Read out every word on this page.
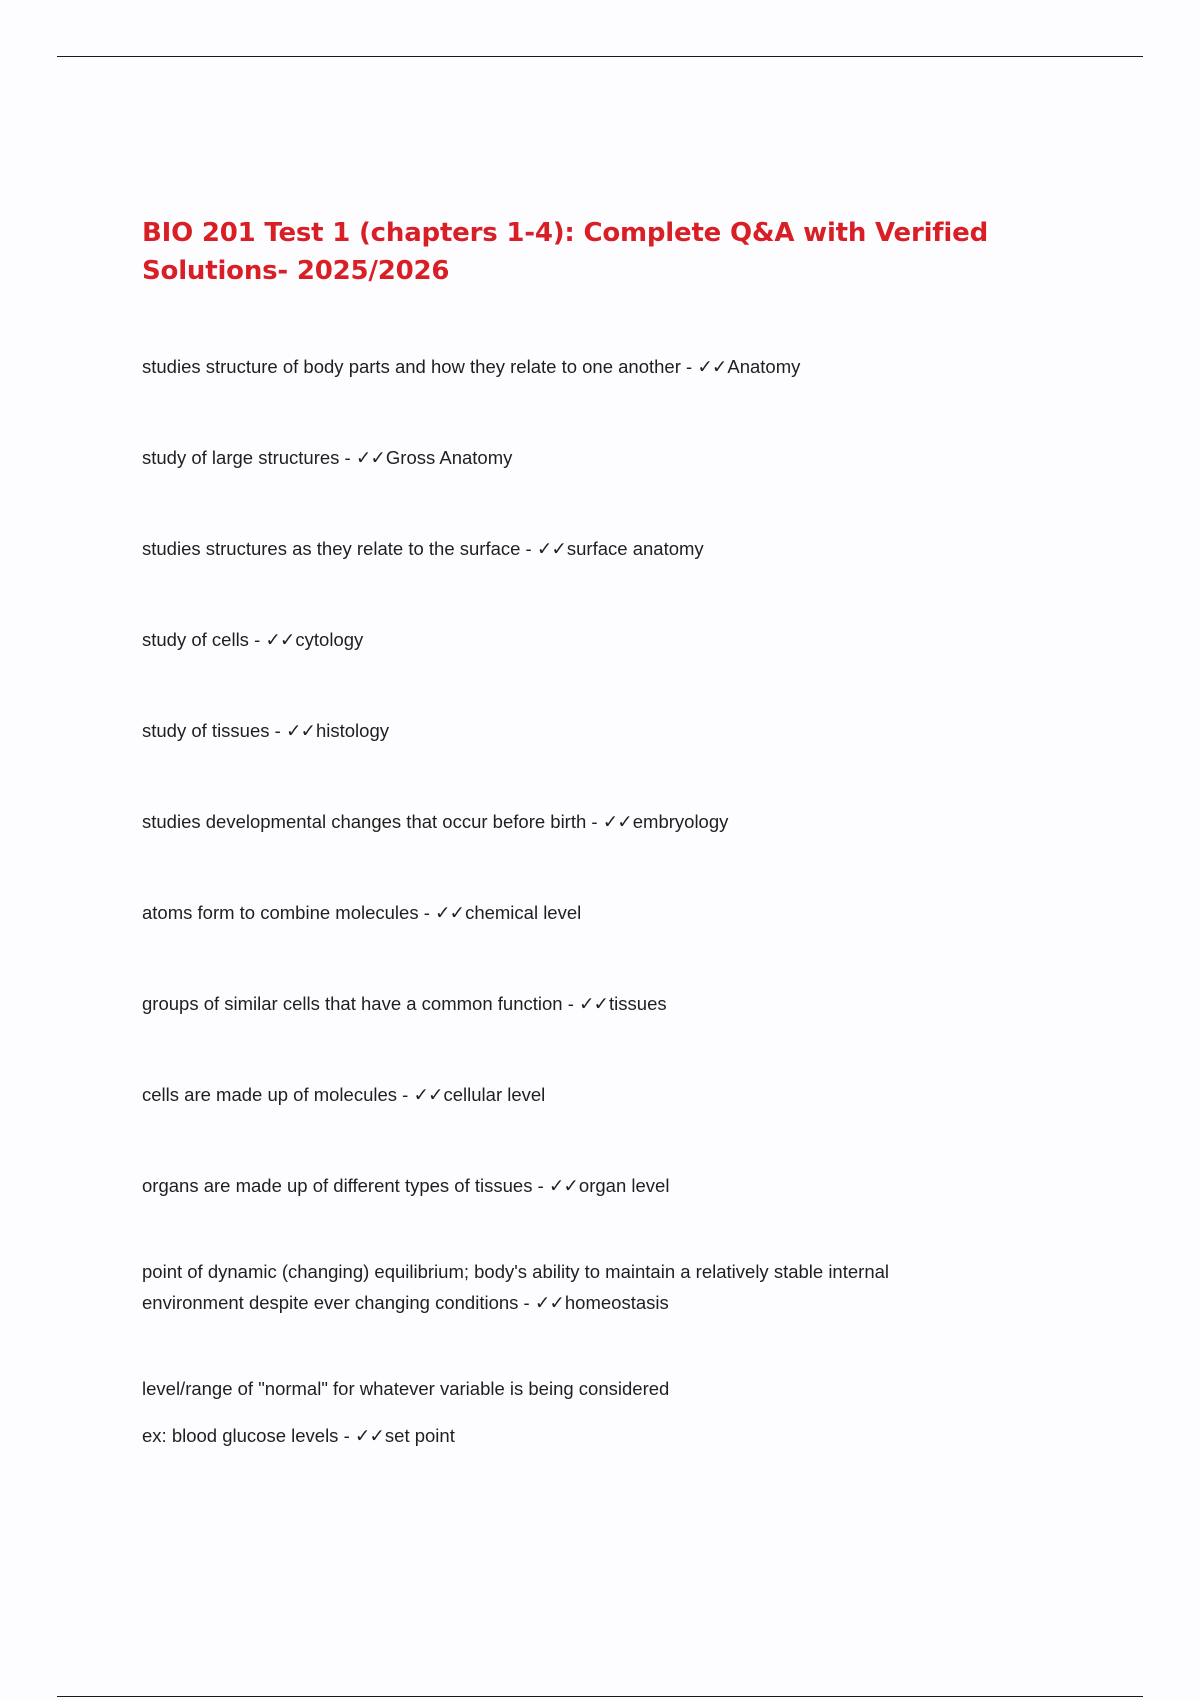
BIO 201 Test 1 (chapters 1-4): Complete Q&A with Verified Solutions- 2025/2026
studies structure of body parts and how they relate to one another - ✓✓Anatomy
study of large structures - ✓✓Gross Anatomy
studies structures as they relate to the surface - ✓✓surface anatomy
study of cells - ✓✓cytology
study of tissues - ✓✓histology
studies developmental changes that occur before birth - ✓✓embryology
atoms form to combine molecules - ✓✓chemical level
groups of similar cells that have a common function - ✓✓tissues
cells are made up of molecules - ✓✓cellular level
organs are made up of different types of tissues - ✓✓organ level
point of dynamic (changing) equilibrium; body's ability to maintain a relatively stable internal environment despite ever changing conditions - ✓✓homeostasis
level/range of "normal" for whatever variable is being considered
ex: blood glucose levels - ✓✓set point
